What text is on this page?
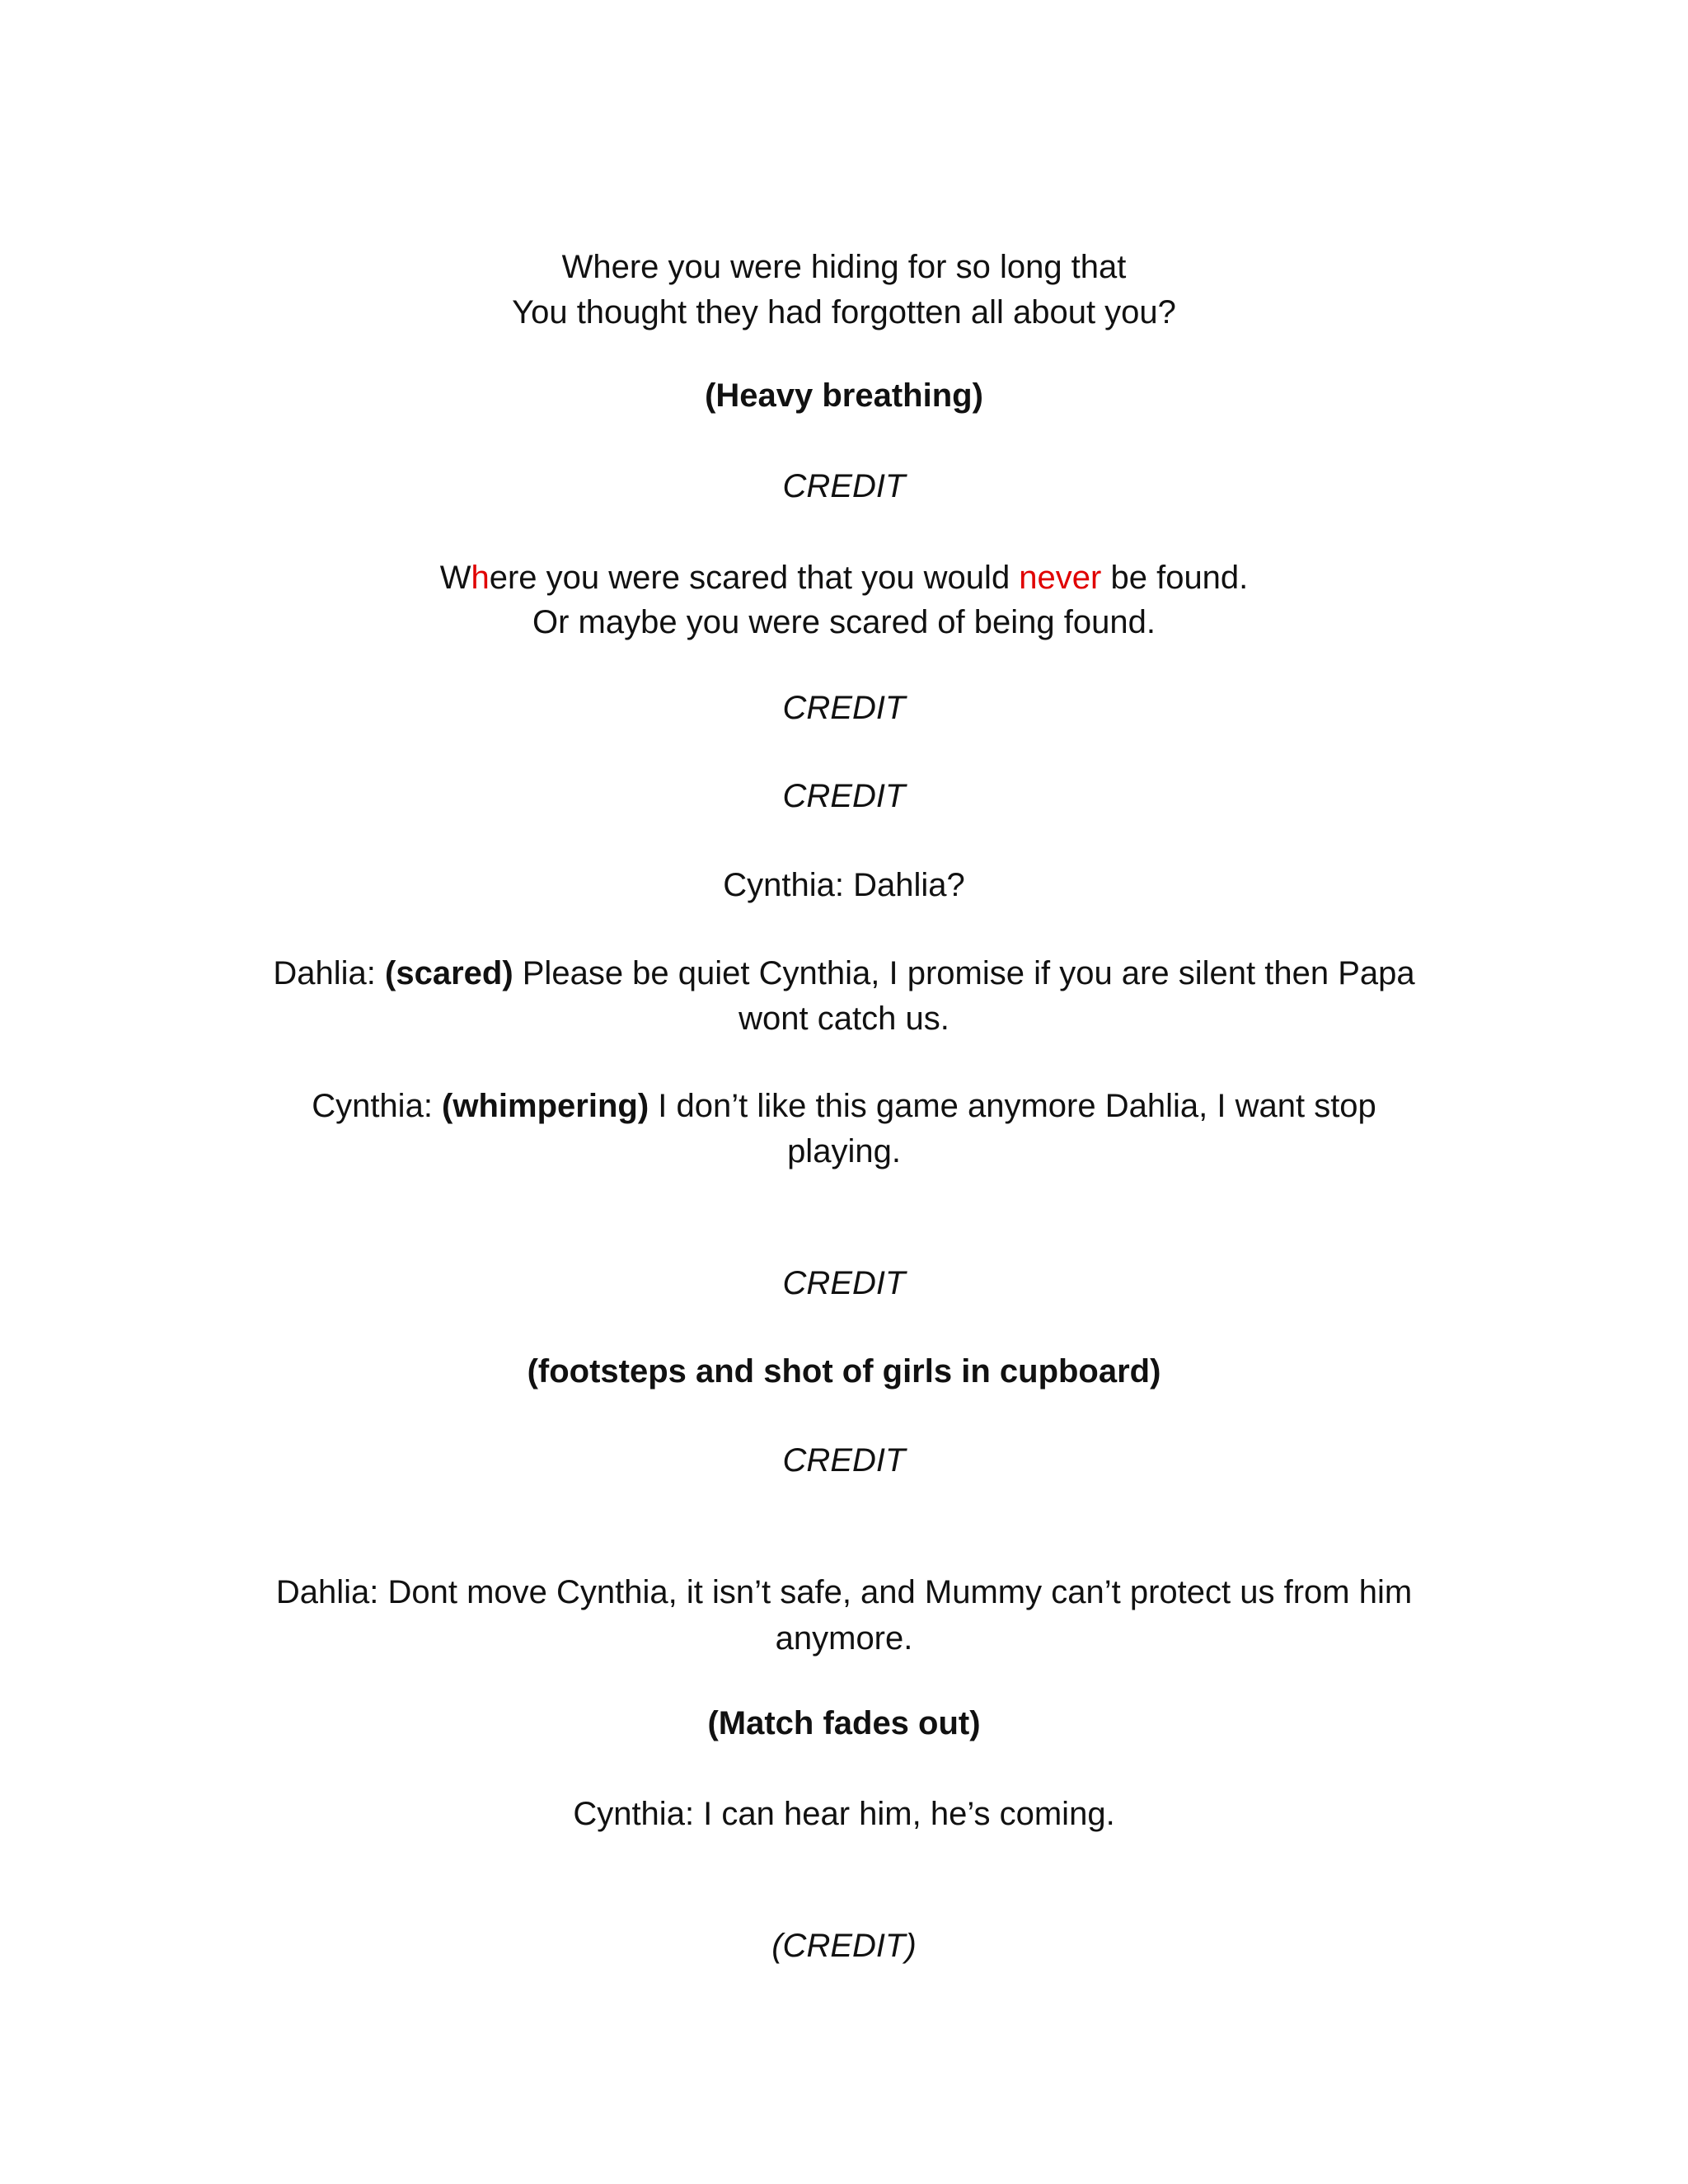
Where you were hiding for so long that
You thought they had forgotten all about you?
(Heavy breathing)
CREDIT
Where you were scared that you would never be found.
Or maybe you were scared of being found.
CREDIT
CREDIT
Cynthia: Dahlia?
Dahlia: (scared) Please be quiet Cynthia, I promise if you are silent then Papa
wont catch us.
Cynthia: (whimpering) I don’t like this game anymore Dahlia, I want stop
playing.
CREDIT
(footsteps and shot of girls in cupboard)
CREDIT
Dahlia: Dont move Cynthia, it isn’t safe, and Mummy can’t protect us from him
anymore.
(Match fades out)
Cynthia: I can hear him, he’s coming.
(CREDIT)
